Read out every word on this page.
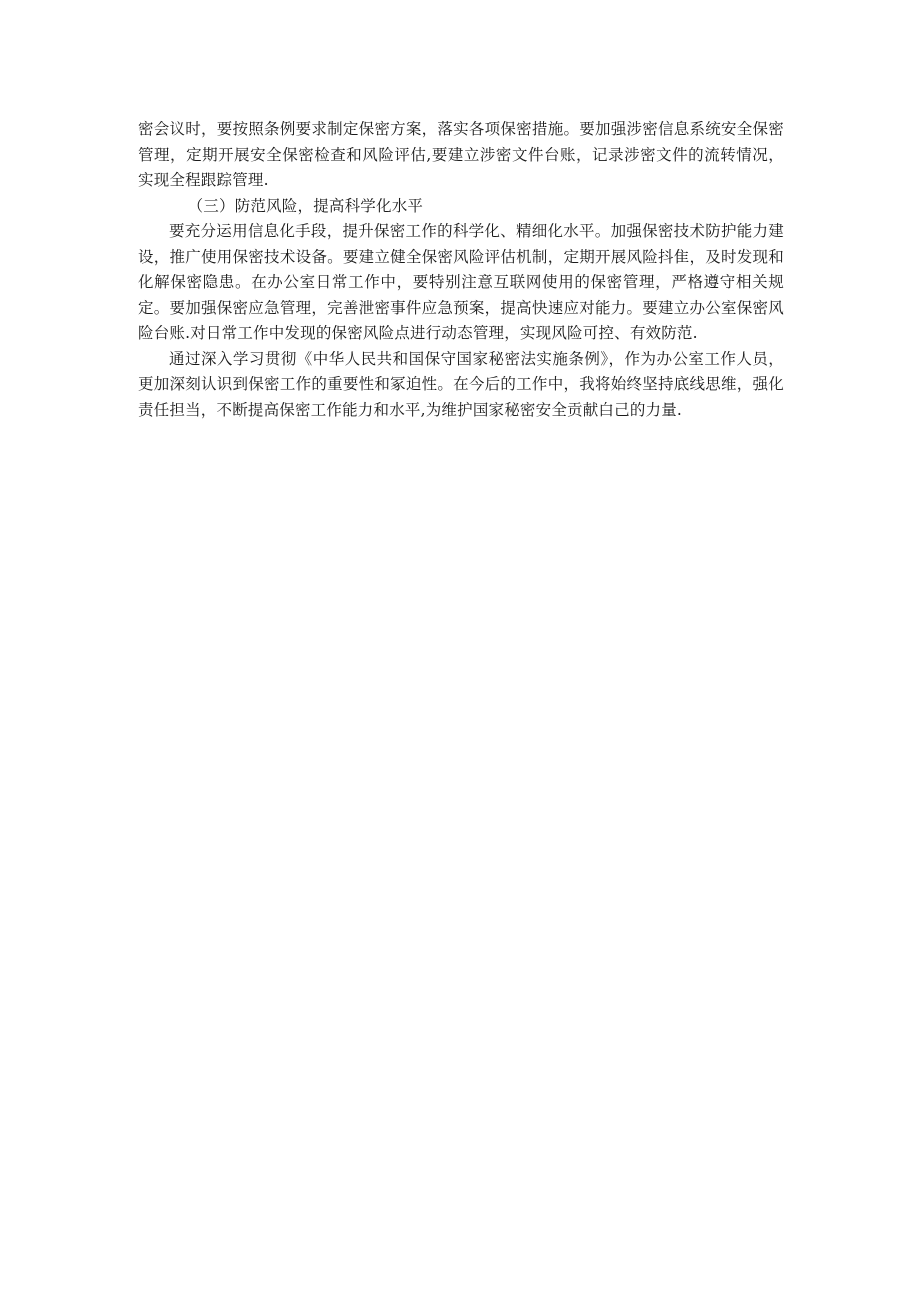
密会议时，要按照条例要求制定保密方案，落实各项保密措施。要加强涉密信息系统安全保密管理，定期开展安全保密检查和风险评估,要建立涉密文件台账，记录涉密文件的流转情况，实现全程跟踪管理.

（三）防范风险，提高科学化水平

要充分运用信息化手段，提升保密工作的科学化、精细化水平。加强保密技术防护能力建设，推广使用保密技术设备。要建立健全保密风险评估机制，定期开展风险抖隹，及时发现和化解保密隐患。在办公室日常工作中，要特别注意互联网使用的保密管理，严格遵守相关规定。要加强保密应急管理，完善泄密事件应急预案，提高快速应对能力。要建立办公室保密风险台账.对日常工作中发现的保密风险点进行动态管理，实现风险可控、有效防范.

通过深入学习贯彻《中华人民共和国保守国家秘密法实施条例》，作为办公室工作人员，更加深刻认识到保密工作的重要性和冢迫性。在今后的工作中，我将始终坚持底线思维，强化责任担当，不断提高保密工作能力和水平,为维护国家秘密安全贡献白己的力量.
